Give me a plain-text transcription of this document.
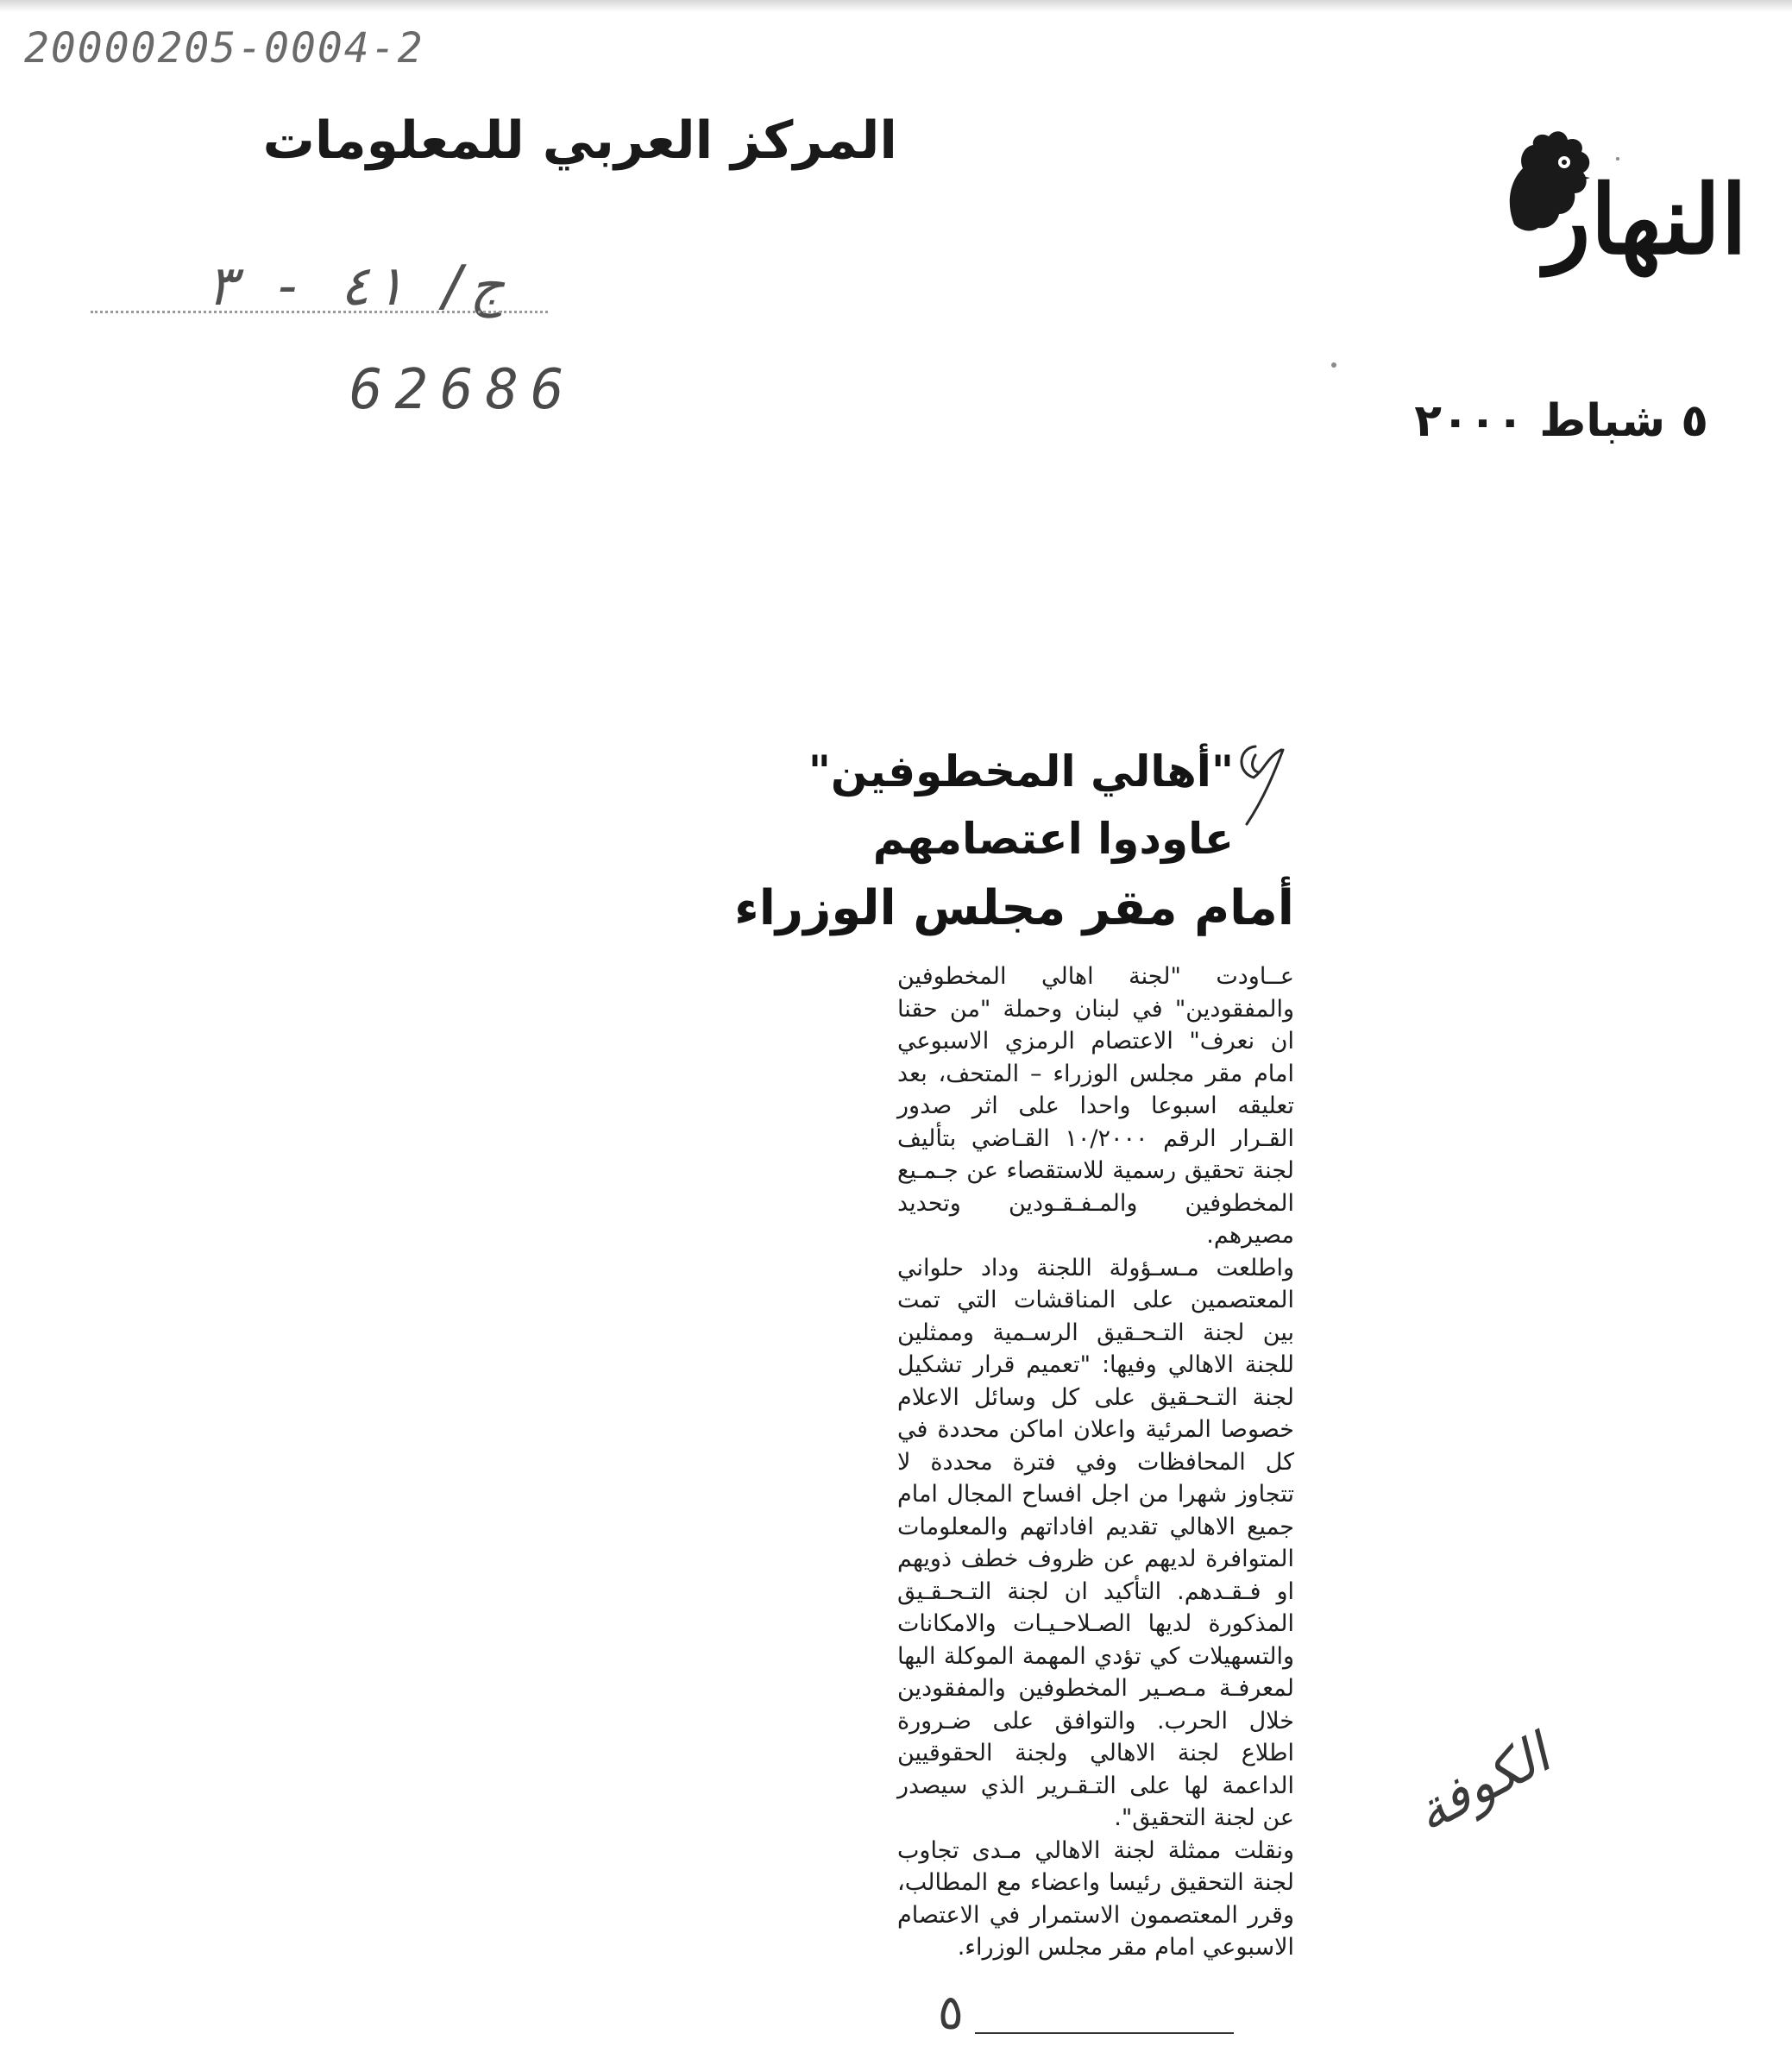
20000205-0004-2
المركز العربي للمعلومات
ج/ ٤١ - ٣
62686
النهار
٥ شباط ٢٠٠٠
"أهالي المخطوفين"
عاودوا اعتصامهم
أمام مقر مجلس الوزراء

عــاودت "لجنة اهالي المخطوفين والمفقودين" في لبنان وحملة "من حقنا ان نعرف" الاعتصام الرمزي الاسبوعي امام مقر مجلس الوزراء – المتحف، بعد تعليقه اسبوعا واحدا على اثر صدور القـرار الرقم ١٠/٢٠٠٠ القـاضي بتأليف لجنة تحقيق رسمية للاستقصاء عن جـمـيع المخطوفين والمـفـقـودين وتحديد مصيرهم.

واطلعت مـسـؤولة اللجنة وداد حلواني المعتصمين على المناقشات التي تمت بين لجنة التـحـقيق الرسـمية وممثلين للجنة الاهالي وفيها: "تعميم قرار تشكيل لجنة التـحـقيق على كل وسائل الاعلام خصوصا المرئية واعلان اماكن محددة في كل المحافظات وفي فترة محددة لا تتجاوز شهرا من اجل افساح المجال امام جميع الاهالي تقديم افاداتهم والمعلومات المتوافرة لديهم عن ظروف خطف ذويهم او فـقـدهم. التأكيد ان لجنة التـحـقـيق المذكورة لديها الصـلاحـيـات والامكانات والتسهيلات كي تؤدي المهمة الموكلة اليها لمعرفـة مـصـير المخطوفين والمفقودين خلال الحرب. والتوافق على ضـرورة اطلاع لجنة الاهالي ولجنة الحقوقيين الداعمة لها على التـقـرير الذي سيصدر عن لجنة التحقيق".

ونقلت ممثلة لجنة الاهالي مـدى تجاوب لجنة التحقيق رئيسا واعضاء مع المطالب، وقرر المعتصمون الاستمرار في الاعتصام الاسبوعي امام مقر مجلس الوزراء.

٥
الكوفة
